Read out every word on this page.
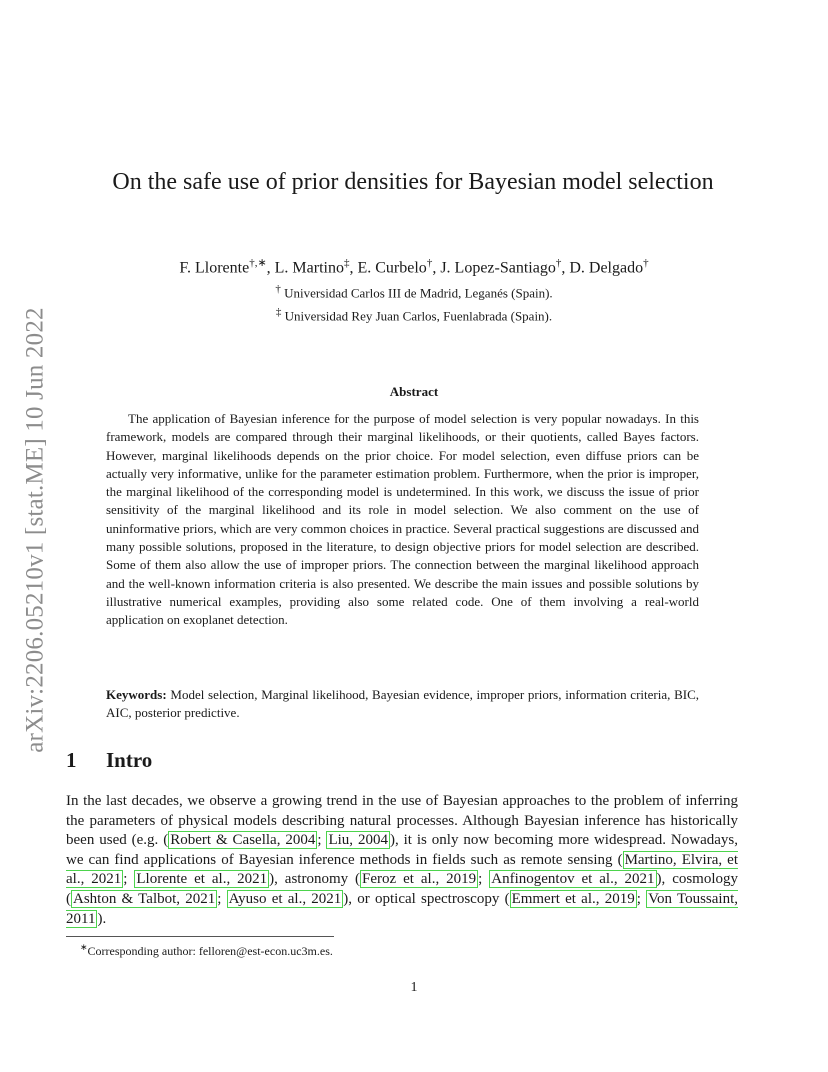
arXiv:2206.05210v1 [stat.ME] 10 Jun 2022
On the safe use of prior densities for Bayesian model selection
F. Llorente†,∗, L. Martino‡, E. Curbelo†, J. Lopez-Santiago†, D. Delgado†
† Universidad Carlos III de Madrid, Leganés (Spain).
‡ Universidad Rey Juan Carlos, Fuenlabrada (Spain).
Abstract

The application of Bayesian inference for the purpose of model selection is very popular nowadays. In this framework, models are compared through their marginal likelihoods, or their quotients, called Bayes factors. However, marginal likelihoods depends on the prior choice. For model selection, even diffuse priors can be actually very informative, unlike for the parameter estimation problem. Furthermore, when the prior is improper, the marginal likelihood of the corresponding model is undetermined. In this work, we discuss the issue of prior sensitivity of the marginal likelihood and its role in model selection. We also comment on the use of uninformative priors, which are very common choices in practice. Several practical suggestions are discussed and many possible solutions, proposed in the literature, to design objective priors for model selection are described. Some of them also allow the use of improper priors. The connection between the marginal likelihood approach and the well-known information criteria is also presented. We describe the main issues and possible solutions by illustrative numerical examples, providing also some related code. One of them involving a real-world application on exoplanet detection.

Keywords: Model selection, Marginal likelihood, Bayesian evidence, improper priors, information criteria, BIC, AIC, posterior predictive.

1 Intro

In the last decades, we observe a growing trend in the use of Bayesian approaches to the problem of inferring the parameters of physical models describing natural processes. Although Bayesian inference has historically been used (e.g. ( Robert & Casella, 2004 ; Liu, 2004 ), it is only now becoming more widespread. Nowadays, we can find applications of Bayesian inference methods in fields such as remote sensing ( Martino, Elvira, et al., 2021 ; Llorente et al., 2021 ), astronomy ( Feroz et al., 2019 ; Anfinogentov et al., 2021 ), cosmology ( Ashton & Talbot, 2021 ; Ayuso et al., 2021 ), or optical spectroscopy ( Emmert et al., 2019 ; Von Toussaint, 2011 ).

∗Corresponding author: felloren@est-econ.uc3m.es.
1
